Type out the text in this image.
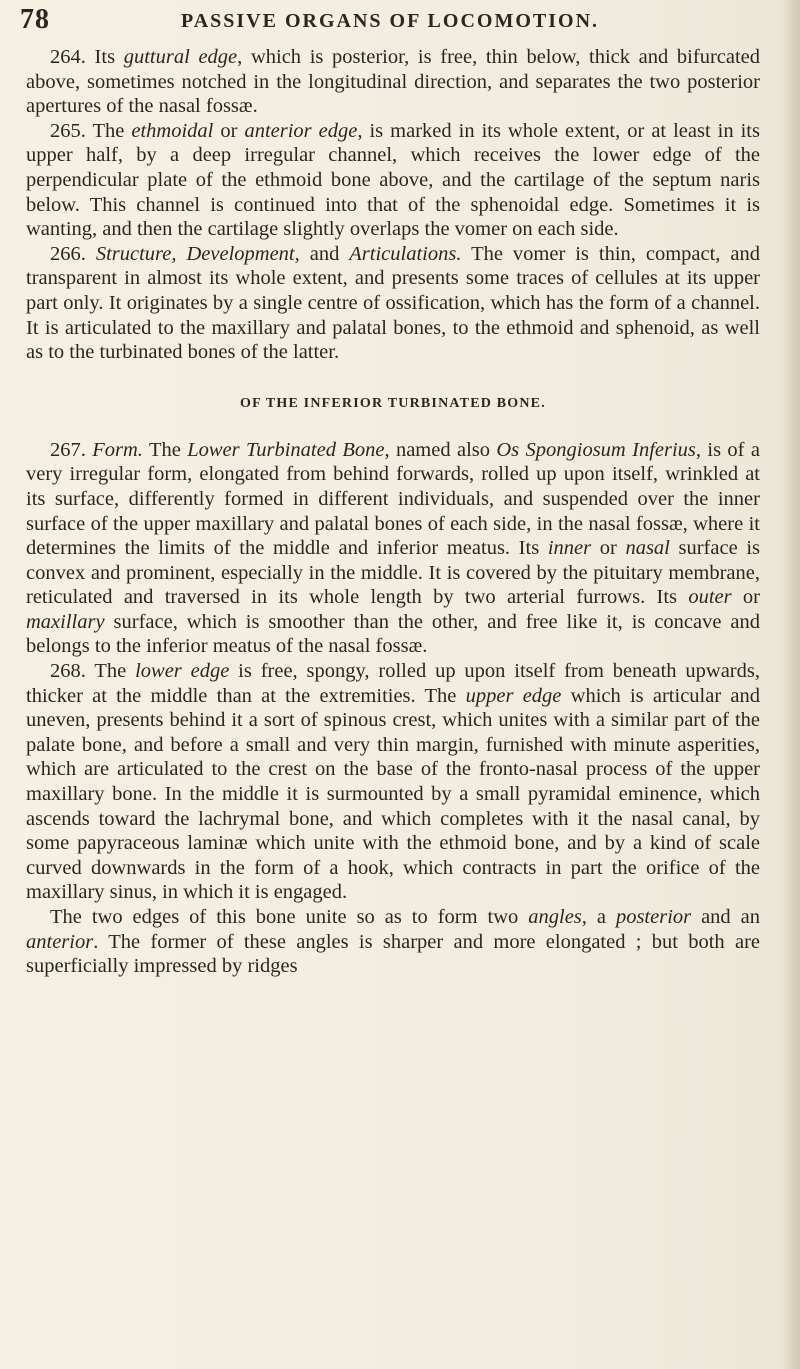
78	PASSIVE ORGANS OF LOCOMOTION.

264. Its guttural edge, which is posterior, is free, thin below, thick and bifurcated above, sometimes notched in the longitudinal direction, and separates the two posterior apertures of the nasal fossæ.

265. The ethmoidal or anterior edge, is marked in its whole extent, or at least in its upper half, by a deep irregular channel, which receives the lower edge of the perpendicular plate of the ethmoid bone above, and the cartilage of the septum naris below. This channel is continued into that of the sphenoidal edge. Sometimes it is wanting, and then the cartilage slightly overlaps the vomer on each side.

266. Structure, Development, and Articulations. The vomer is thin, compact, and transparent in almost its whole extent, and presents some traces of cellules at its upper part only. It originates by a single centre of ossification, which has the form of a channel. It is articulated to the maxillary and palatal bones, to the ethmoid and sphenoid, as well as to the turbinated bones of the latter.

OF THE INFERIOR TURBINATED BONE.

267. Form. The Lower Turbinated Bone, named also Os Spongiosum Inferius, is of a very irregular form, elongated from behind forwards, rolled up upon itself, wrinkled at its surface, differently formed in different individuals, and suspended over the inner surface of the upper maxillary and palatal bones of each side, in the nasal fossæ, where it determines the limits of the middle and inferior meatus. Its inner or nasal surface is convex and prominent, especially in the middle. It is covered by the pituitary membrane, reticulated and traversed in its whole length by two arterial furrows. Its outer or maxillary surface, which is smoother than the other, and free like it, is concave and belongs to the inferior meatus of the nasal fossæ.

268. The lower edge is free, spongy, rolled up upon itself from beneath upwards, thicker at the middle than at the extremities. The upper edge which is articular and uneven, presents behind it a sort of spinous crest, which unites with a similar part of the palate bone, and before a small and very thin margin, furnished with minute asperities, which are articulated to the crest on the base of the fronto-nasal process of the upper maxillary bone. In the middle it is surmounted by a small pyramidal eminence, which ascends toward the lachrymal bone, and which completes with it the nasal canal, by some papyraceous laminæ which unite with the ethmoid bone, and by a kind of scale curved downwards in the form of a hook, which contracts in part the orifice of the maxillary sinus, in which it is engaged.

The two edges of this bone unite so as to form two angles, a posterior and an anterior. The former of these angles is sharper and more elongated ; but both are superficially impressed by ridges
